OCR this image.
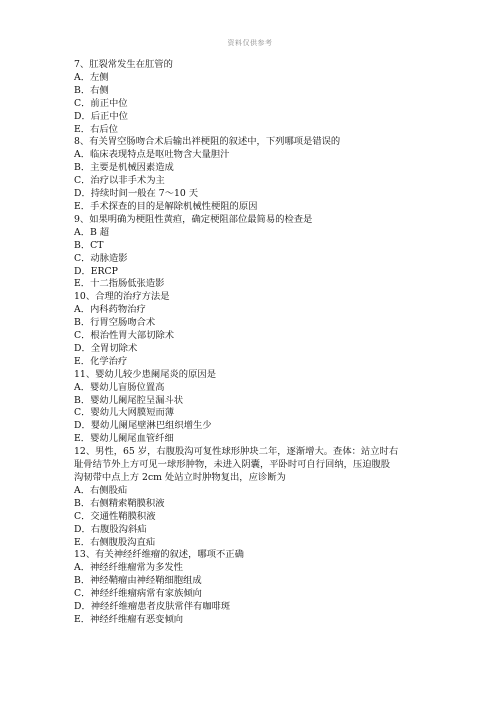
资料仅供参考
7、肛裂常发生在肛管的
A．左侧
B．右侧
C．前正中位
D．后正中位
E．右后位
8、有关胃空肠吻合术后输出袢梗阻的叙述中，下列哪项是错误的
A．临床表现特点是呕吐物含大量胆汁
B．主要是机械因素造成
C．治疗以非手术为主
D．持续时间一般在 7～10 天
E．手术探查的目的是解除机械性梗阻的原因
9、如果明确为梗阻性黄疸，确定梗阻部位最简易的检查是
A．B 超
B．CT
C．动脉造影
D．ERCP
E．十二指肠低张造影
10、合理的治疗方法是
A．内科药物治疗
B．行胃空肠吻合术
C．根治性胃大部切除术
D．全胃切除术
E．化学治疗
11、婴幼儿较少患阑尾炎的原因是
A．婴幼儿盲肠位置高
B．婴幼儿阑尾腔呈漏斗状
C．婴幼儿大网膜短而薄
D．婴幼儿阑尾壁淋巴组织增生少
E．婴幼儿阑尾血管纤细
12、男性，65 岁，右腹股沟可复性球形肿块二年，逐渐增大。查体：站立时右
耻骨结节外上方可见一球形肿物，未进入阴囊，平卧时可自行回纳，压迫腹股
沟韧带中点上方 2cm 处站立时肿物复出，应诊断为
A．右侧股疝
B．右侧精索鞘膜积液
C．交通性鞘膜积液
D．右腹股沟斜疝
E．右侧腹股沟直疝
13、有关神经纤维瘤的叙述，哪项不正确
A．神经纤维瘤常为多发性
B．神经鞘瘤由神经鞘细胞组成
C．神经纤维瘤病常有家族倾向
D．神经纤维瘤患者皮肤常伴有咖啡斑
E．神经纤维瘤有恶变倾向
